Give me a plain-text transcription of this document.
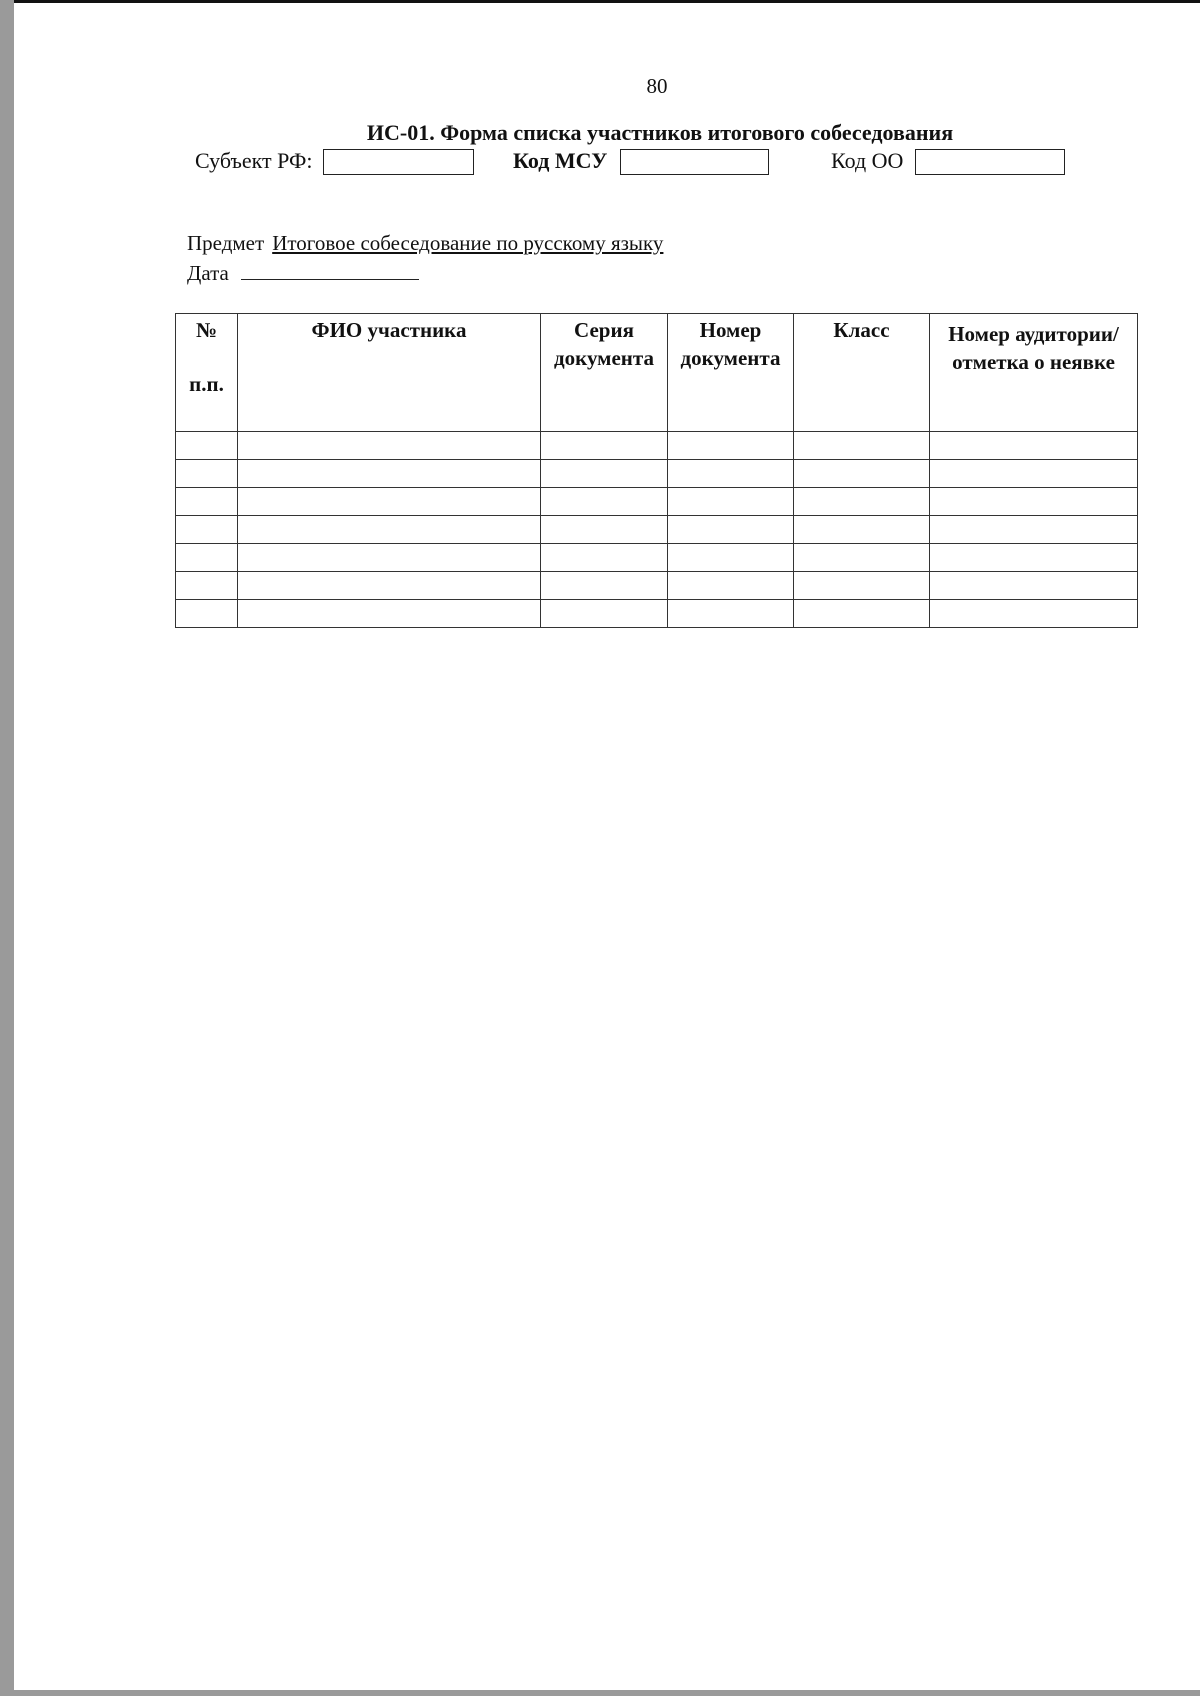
80
ИС-01. Форма списка участников итогового собеседования
Субъект РФ:	Код МСУ	Код ОО
Предмет Итоговое собеседование по русскому языку
Дата
№
п.п.	ФИО участника	Серия документа	Номер документа	Класс	Номер аудитории/ отметка о неявке
